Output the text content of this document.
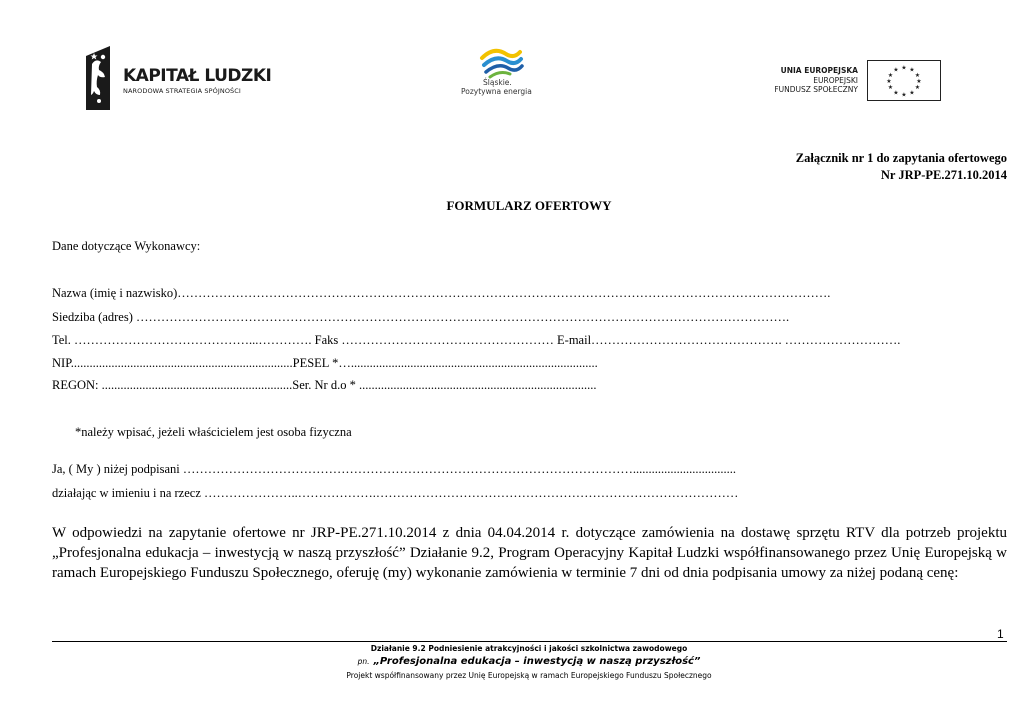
KAPITAŁ LUDZKI
NARODOWA STRATEGIA SPÓJNOŚCI
Śląskie.
Pozytywna energia
UNIA EUROPEJSKA
EUROPEJSKI
FUNDUSZ SPOŁECZNY
★ ★
★
★
★
★
★
★
★
★
★
★
Załącznik nr 1 do zapytania ofertowego
Nr JRP-PE.271.10.2014
FORMULARZ OFERTOWY
Dane dotyczące Wykonawcy:
Nazwa (imię i nazwisko)………………………………………………………………………………………………………………………………………….
Siedziba (adres) ………………………………………………………………………………………………………………………………………….
Tel. ……………………………………...…………. Faks …………………………………………… E-mail………………………………………. ……………………….
NIP.......................................................................PESEL *…...............................................................................
REGON: .............................................................Ser. Nr d.o * ............................................................................
*należy wpisać, jeżeli właścicielem jest osoba fizyczna
Ja, ( My ) niżej podpisani ……………………………………………………………………………………………….................................
działając w imieniu i na rzecz …………………..……………….……………………………………………………………………………
W odpowiedzi na zapytanie ofertowe nr JRP-PE.271.10.2014 z dnia 04.04.2014 r. dotyczące zamówienia na dostawę sprzętu RTV dla potrzeb projektu „Profesjonalna edukacja – inwestycją w naszą przyszłość” Działanie 9.2, Program Operacyjny Kapitał Ludzki współfinansowanego przez Unię Europejską w ramach Europejskiego Funduszu Społecznego, oferuję (my) wykonanie zamówienia w terminie 7 dni od dnia podpisania umowy za niżej podaną cenę:
1
Działanie 9.2 Podniesienie atrakcyjności i jakości szkolnictwa zawodowego
pn. „Profesjonalna edukacja – inwestycją w naszą przyszłość”
Projekt współfinansowany przez Unię Europejską w ramach Europejskiego Funduszu Społecznego
